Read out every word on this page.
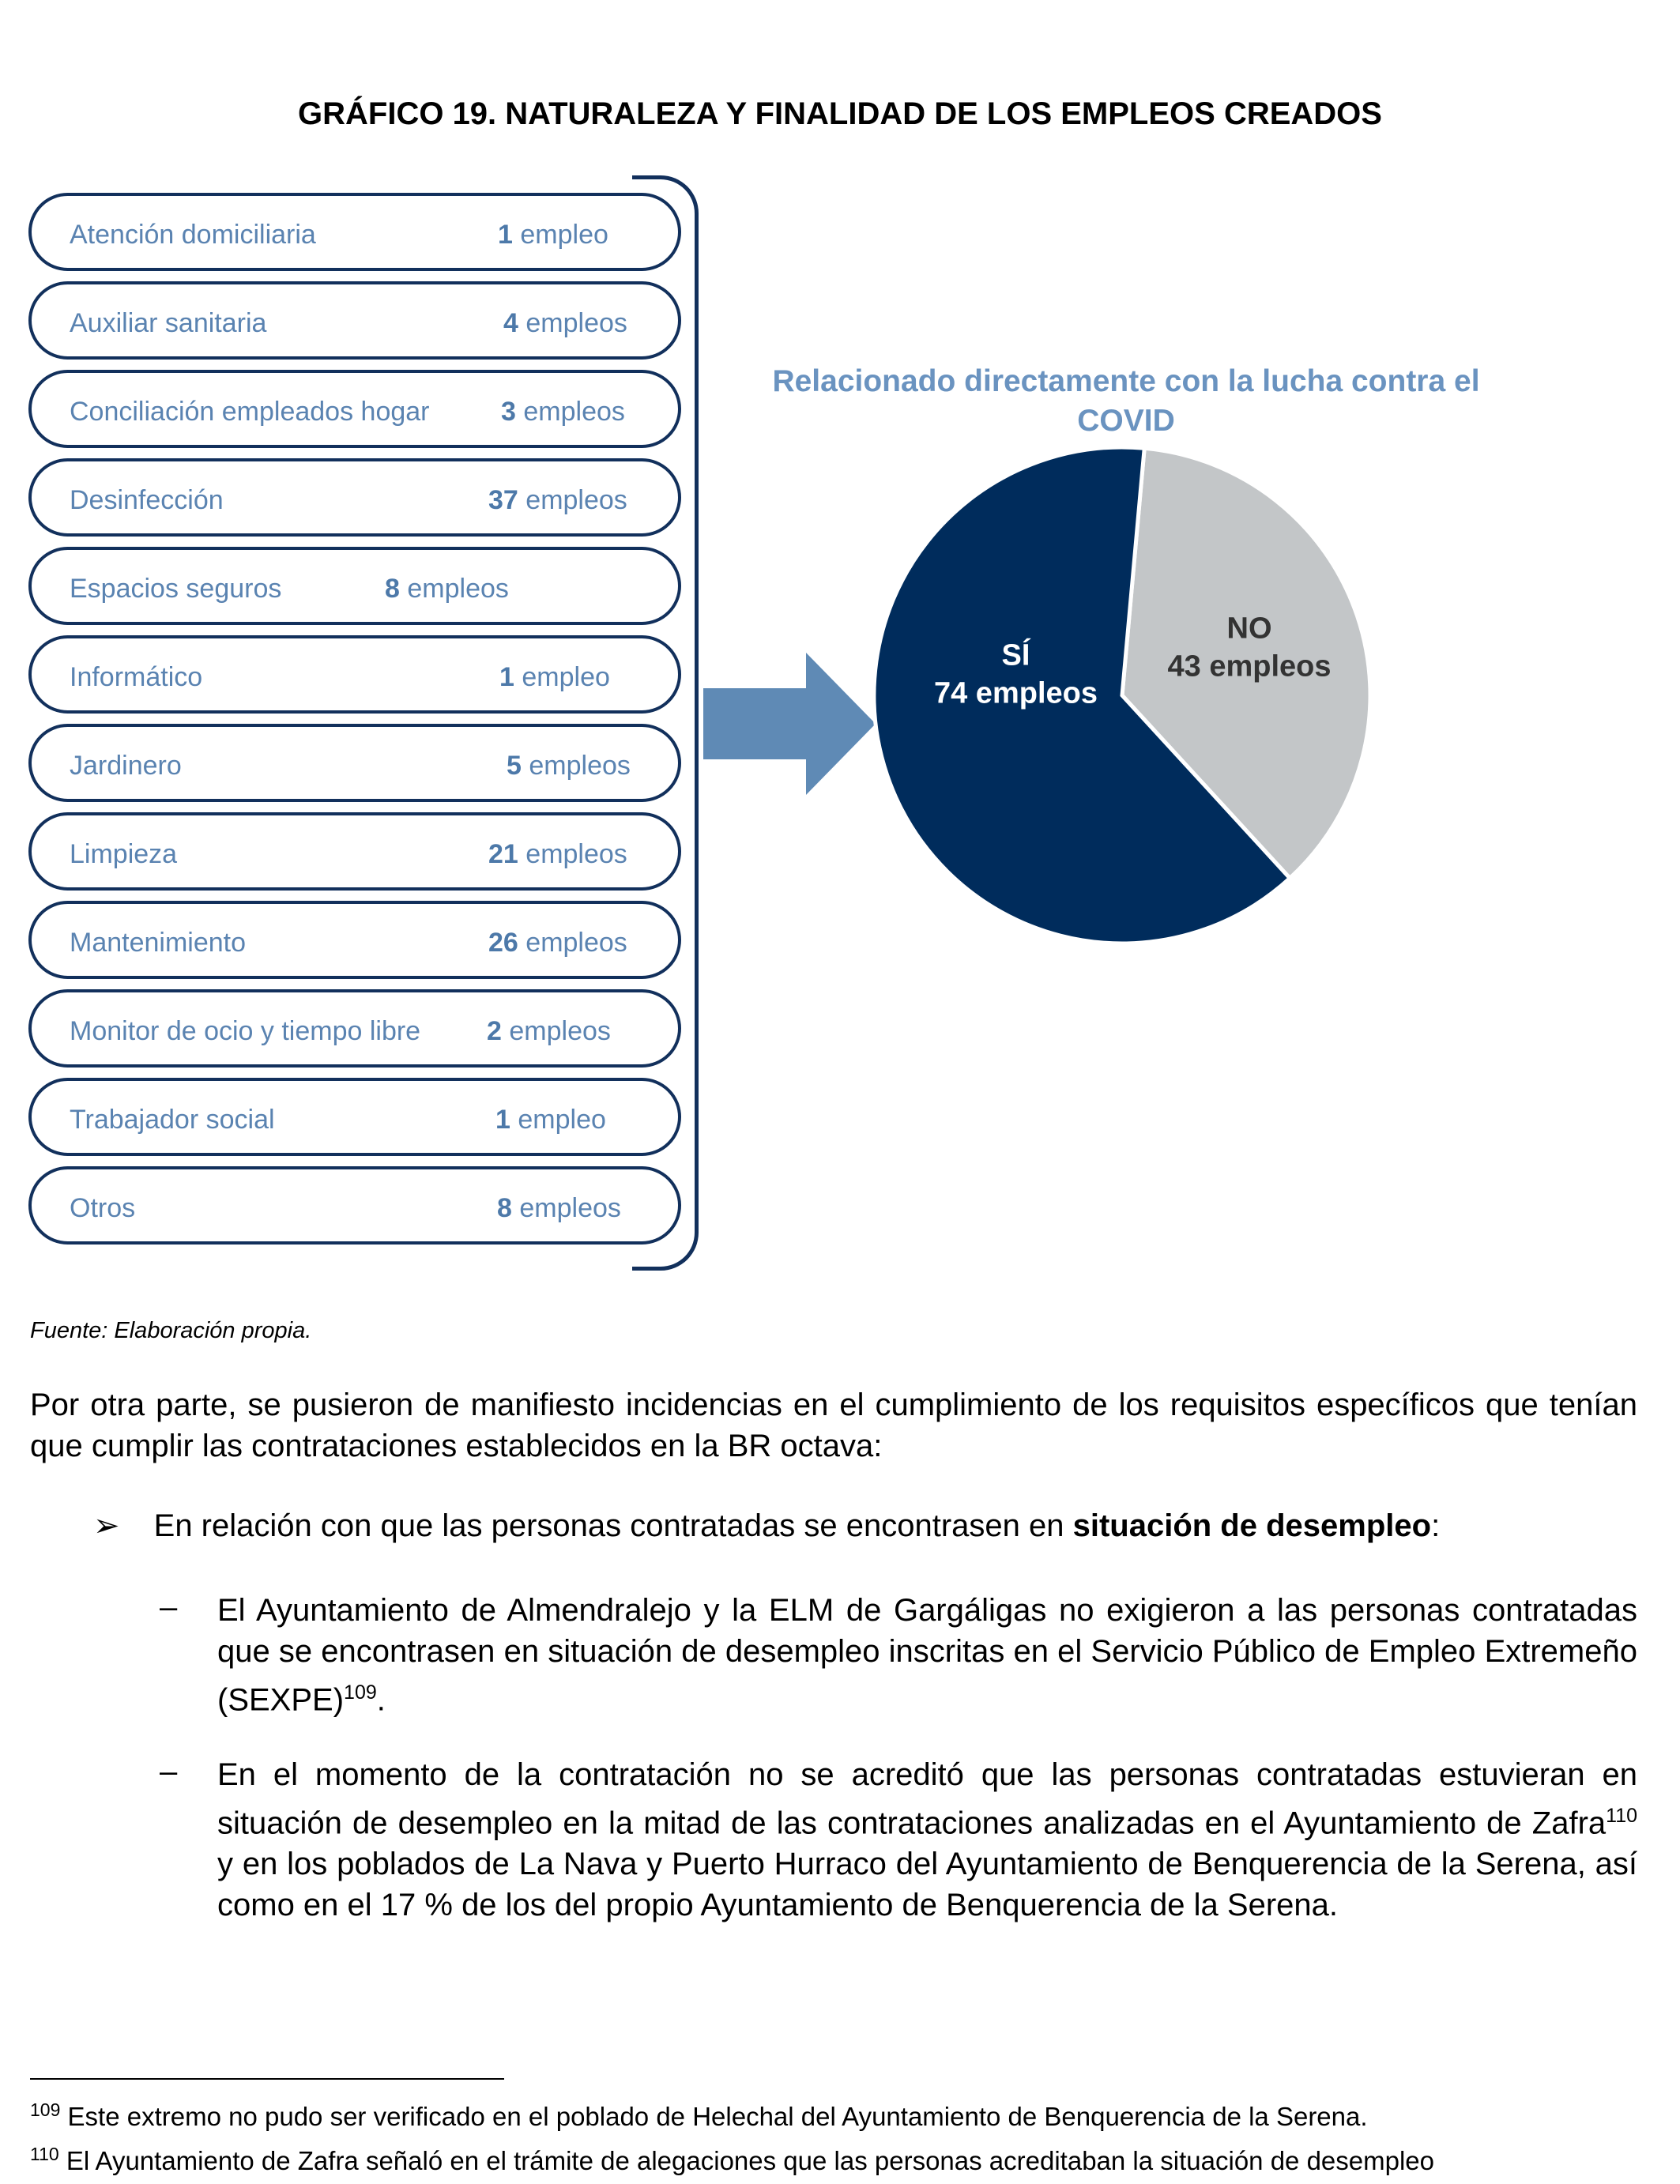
GRÁFICO 19. NATURALEZA Y FINALIDAD DE LOS EMPLEOS CREADOS
Atención domiciliaria	1 empleo
Auxiliar sanitaria	4 empleos
Conciliación empleados hogar	3 empleos
Desinfección	37 empleos
Espacios seguros	8 empleos
Informático	1 empleo
Jardinero	5 empleos
Limpieza	21 empleos
Mantenimiento	26 empleos
Monitor de ocio y tiempo libre 2 empleos
Trabajador social	1 empleo
Otros	8 empleos
Relacionado directamente con la lucha contra el COVID
NO
43 empleos
SÍ
74 empleos
Fuente: Elaboración propia.
Por otra parte, se pusieron de manifiesto incidencias en el cumplimiento de los requisitos específicos que tenían que cumplir las contrataciones establecidos en la BR octava:
➢ En relación con que las personas contratadas se encontrasen en situación de desempleo:
– El Ayuntamiento de Almendralejo y la ELM de Gargáligas no exigieron a las personas contratadas que se encontrasen en situación de desempleo inscritas en el Servicio Público de Empleo Extremeño (SEXPE)$^{109}$.
– En el momento de la contratación no se acreditó que las personas contratadas estuvieran en situación de desempleo en la mitad de las contrataciones analizadas en el Ayuntamiento de Zafra$^{110}$ y en los poblados de La Nava y Puerto Hurraco del Ayuntamiento de Benquerencia de la Serena, así como en el 17 % de los del propio Ayuntamiento de Benquerencia de la Serena.
$^{109}$ Este extremo no pudo ser verificado en el poblado de Helechal del Ayuntamiento de Benquerencia de la Serena.
$^{110}$ El Ayuntamiento de Zafra señaló en el trámite de alegaciones que las personas acreditaban la situación de desempleo
